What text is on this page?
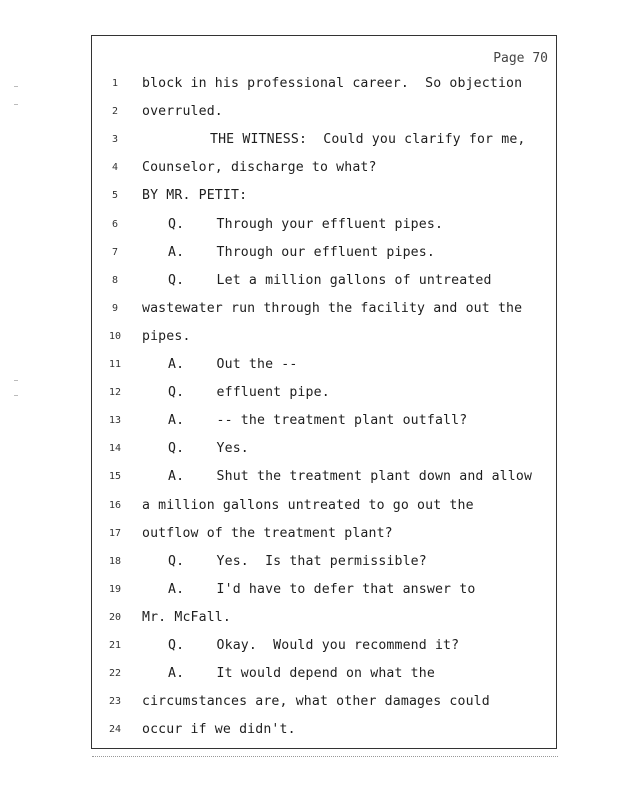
Page 70
1	block in his professional career.  So objection
2	overruled.
3	THE WITNESS:  Could you clarify for me,
4	Counselor, discharge to what?
5	BY MR. PETIT:
6	Q.    Through your effluent pipes.
7	A.    Through our effluent pipes.
8	Q.    Let a million gallons of untreated
9	wastewater run through the facility and out the
10 pipes.
11	A.    Out the --
12	Q.    effluent pipe.
13	A.    -- the treatment plant outfall?
14	Q.    Yes.
15	A.    Shut the treatment plant down and allow
16 a million gallons untreated to go out the
17 outflow of the treatment plant?
18	Q.    Yes.  Is that permissible?
19	A.    I'd have to defer that answer to
20 Mr. McFall.
21	Q.    Okay.  Would you recommend it?
22	A.    It would depend on what the
23 circumstances are, what other damages could
24 occur if we didn't.
